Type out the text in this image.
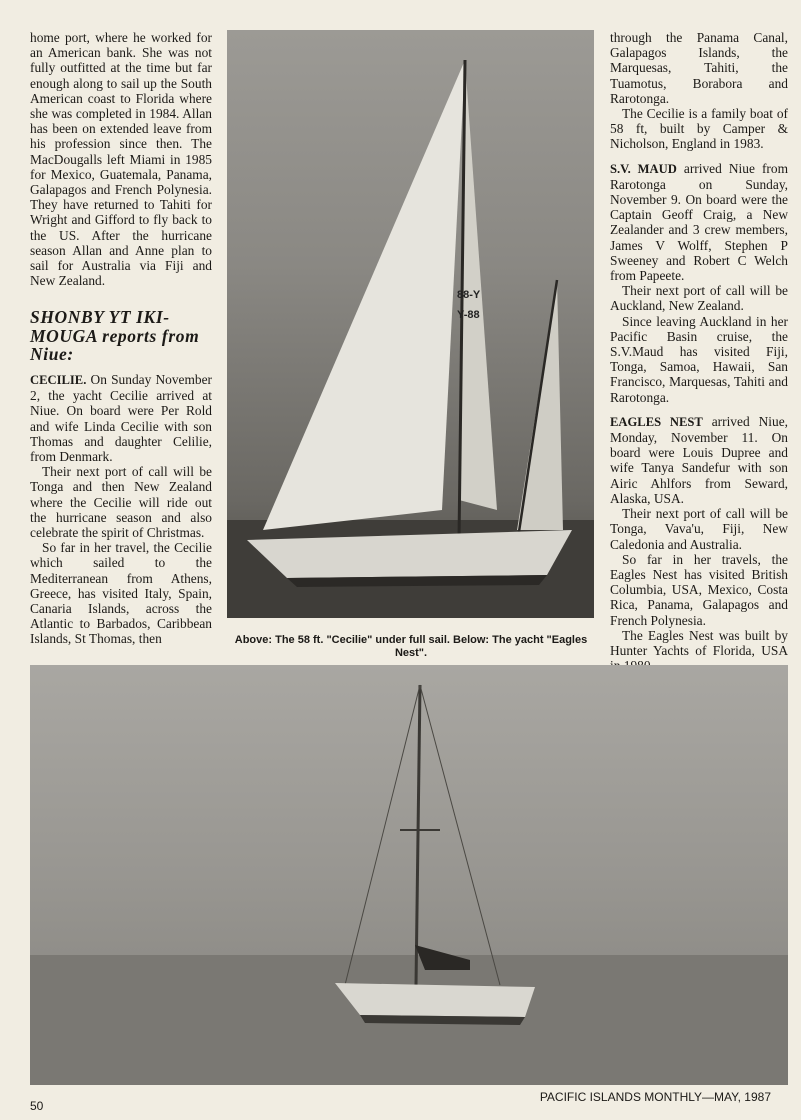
home port, where he worked for an American bank. She was not fully outfitted at the time but far enough along to sail up the South American coast to Florida where she was completed in 1984. Allan has been on extended leave from his profession since then. The MacDougalls left Miami in 1985 for Mexico, Guatemala, Panama, Galapagos and French Polynesia. They have returned to Tahiti for Wright and Gifford to fly back to the US. After the hurricane season Allan and Anne plan to sail for Australia via Fiji and New Zealand.

SHONBY YT IKI-MOUGA reports from Niue:

CECILIE. On Sunday November 2, the yacht Cecilie arrived at Niue. On board were Per Rold and wife Linda Cecilie with son Thomas and daughter Celilie, from Denmark.

Their next port of call will be Tonga and then New Zealand where the Cecilie will ride out the hurricane season and also celebrate the spirit of Christmas.

So far in her travel, the Cecilie which sailed to the Mediterranean from Athens, Greece, has visited Italy, Spain, Canaria Islands, across the Atlantic to Barbados, Caribbean Islands, St Thomas, then

88-Y
Y-88
Above: The 58 ft. "Cecilie" under full sail. Below: The yacht "Eagles Nest".

through the Panama Canal, Galapagos Islands, the Marquesas, Tahiti, the Tuamotus, Borabora and Rarotonga.

The Cecilie is a family boat of 58 ft, built by Camper & Nicholson, England in 1983.

S.V. MAUD arrived Niue from Rarotonga on Sunday, November 9. On board were the Captain Geoff Craig, a New Zealander and 3 crew members, James V Wolff, Stephen P Sweeney and Robert C Welch from Papeete.

Their next port of call will be Auckland, New Zealand.

Since leaving Auckland in her Pacific Basin cruise, the S.V.Maud has visited Fiji, Tonga, Samoa, Hawaii, San Francisco, Marquesas, Tahiti and Rarotonga.

EAGLES NEST arrived Niue, Monday, November 11. On board were Louis Dupree and wife Tanya Sandefur with son Airic Ahlfors from Seward, Alaska, USA.

Their next port of call will be Tonga, Vava'u, Fiji, New Caledonia and Australia.

So far in her travels, the Eagles Nest has visited British Columbia, USA, Mexico, Costa Rica, Panama, Galapagos and French Polynesia.

The Eagles Nest was built by Hunter Yachts of Florida, USA

50
PACIFIC ISLANDS MONTHLY—MAY, 1987
